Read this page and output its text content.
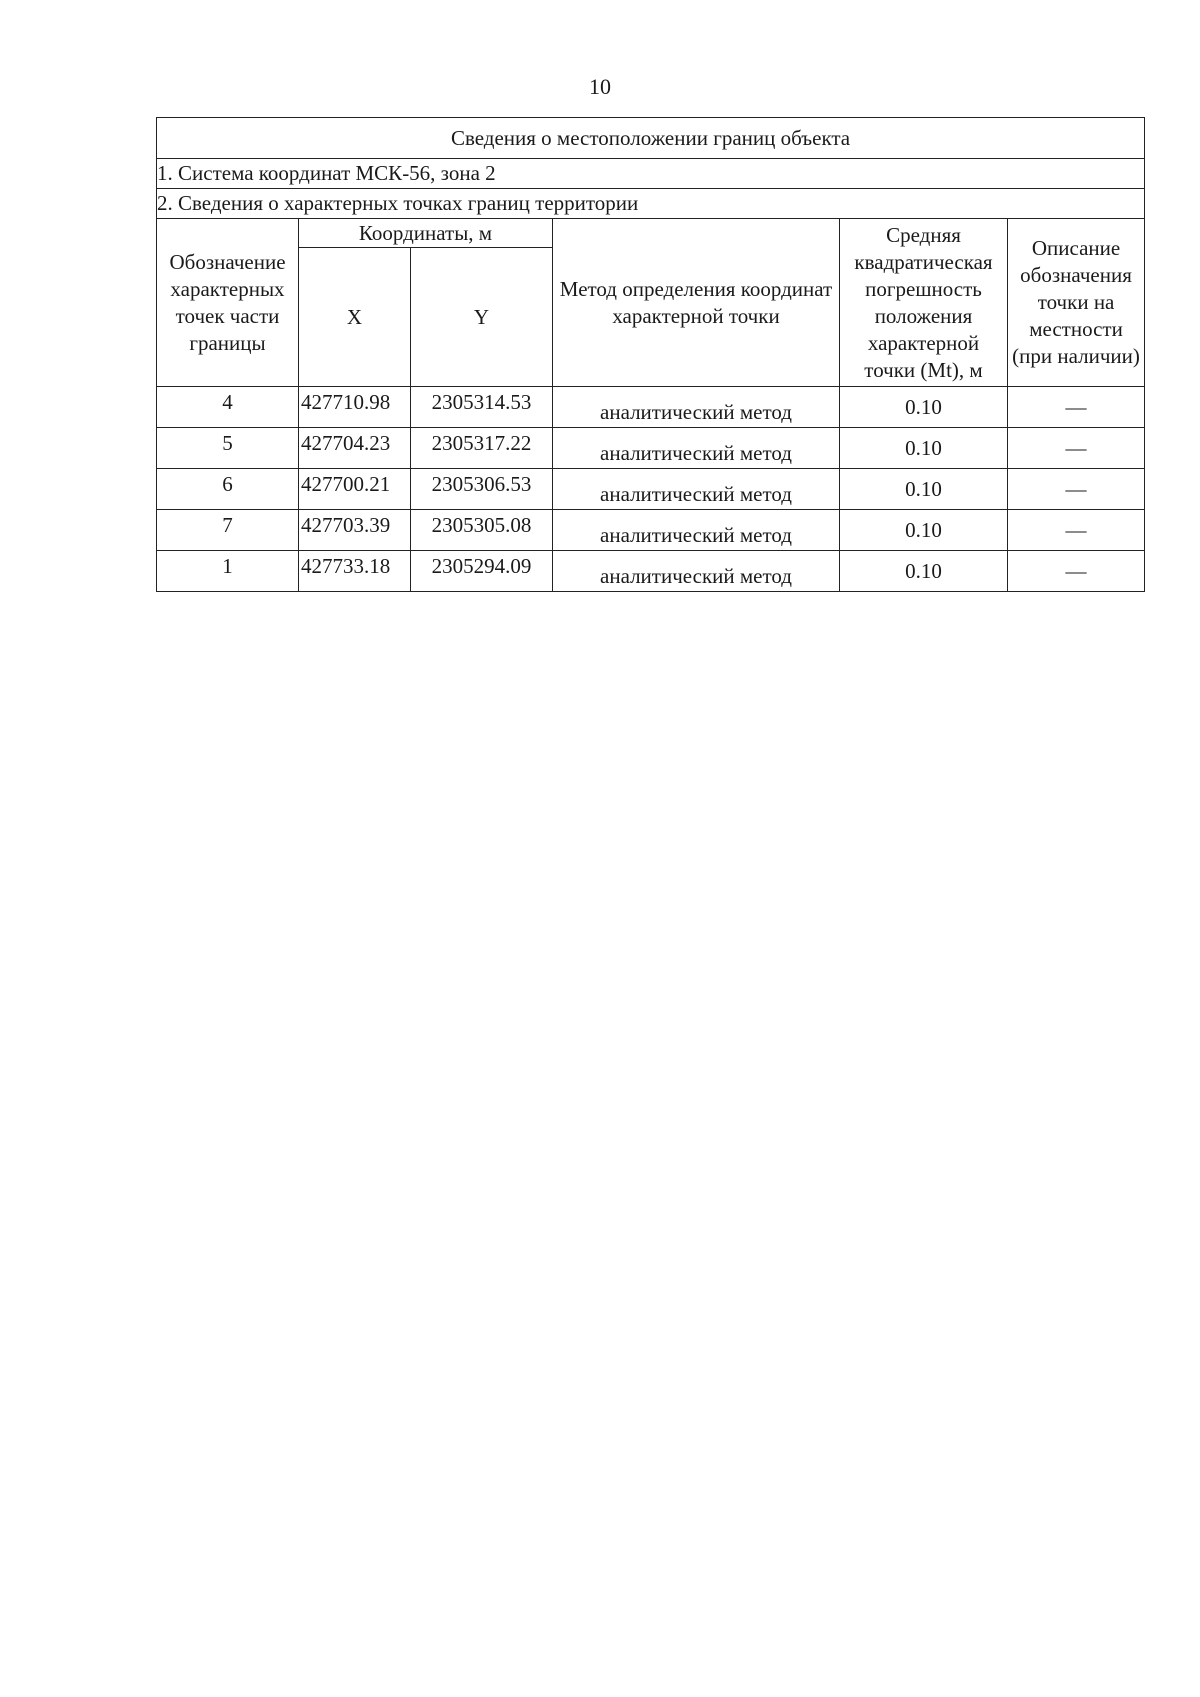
10
Сведения о местоположении границ объекта					
1. Система координат МСК-56, зона 2					
2. Сведения о характерных точках границ территории					
Обозначение характерных точек части границы	Координаты, м		Метод определения координат характерной точки	Средняя квадратическая погрешность положения характерной точки (Mt), м	Описание обозначения точки на местности (при наличии)
	X	Y			
4	427710.98	2305314.53	аналитический метод	0.10	—
5	427704.23	2305317.22	аналитический метод	0.10	—
6	427700.21	2305306.53	аналитический метод	0.10	—
7	427703.39	2305305.08	аналитический метод	0.10	—
1	427733.18	2305294.09	аналитический метод	0.10	—
